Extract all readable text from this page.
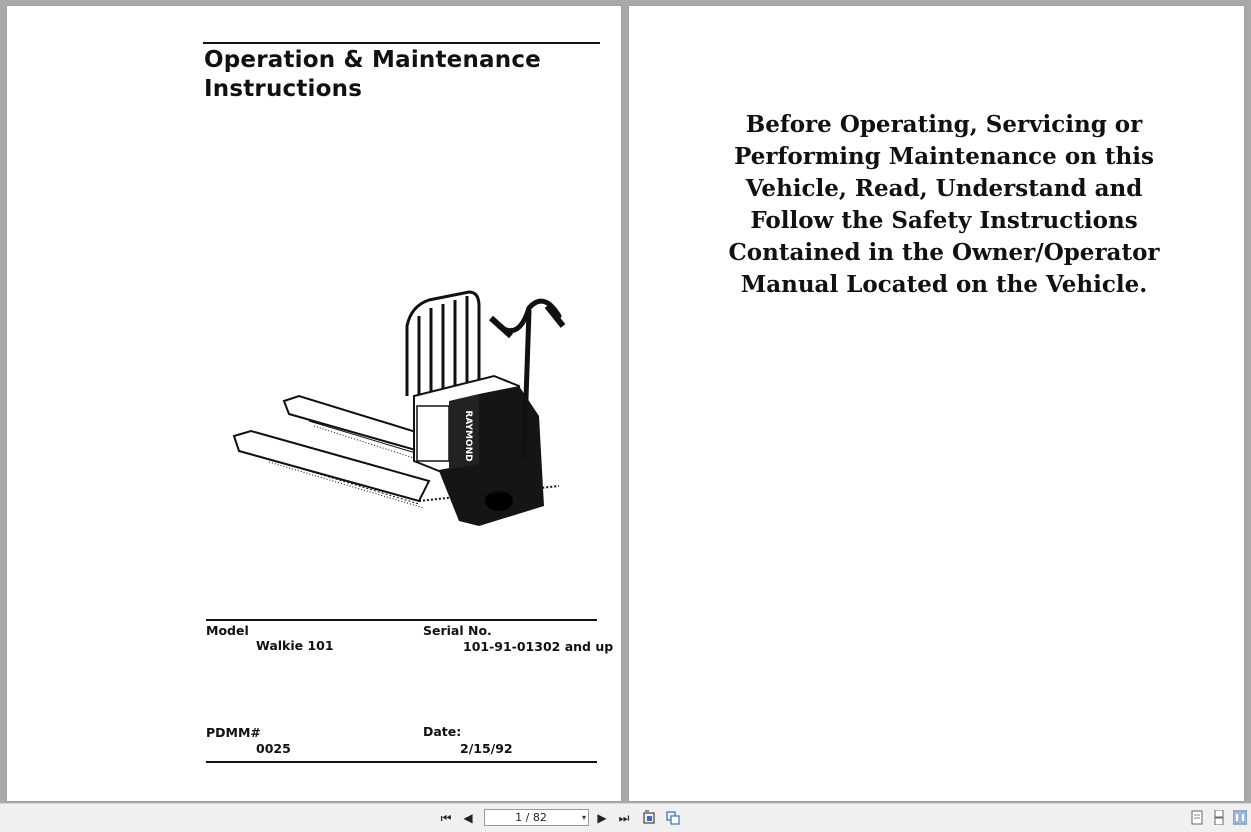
Operation & Maintenance
Instructions
RAYMOND
Model
Walkie 101
Serial No.
101-91-01302 and up
PDMM#
0025
Date:
2/15/92
Before Operating, Servicing or
Performing Maintenance on this
Vehicle, Read, Understand and
Follow the Safety Instructions
Contained in the Owner/Operator
Manual Located on the Vehicle.
⏮ ◀	1 / 82	▾ ▶ ⏭
